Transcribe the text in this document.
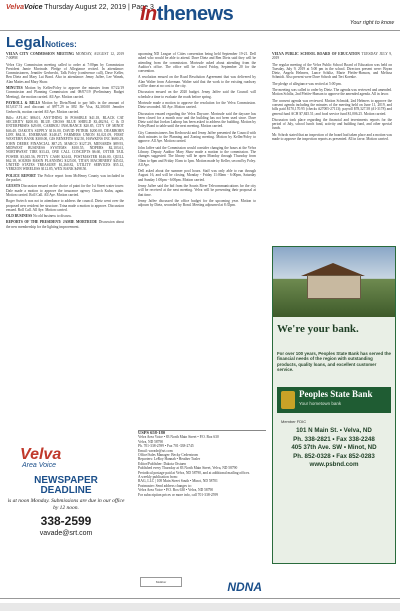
VelvaVoice Thursday August 22, 2019 | Page 3
Inthenews	Your right to know
LegalNotices:

VELVA CITY COMMISSION MEETING MONDAY, AUGUST 12, 2019 7:00PM

Velva City Commission meeting called to order at 7:00pm by Commission President Jamie Mortrude. Pledge of Allegiance recited. In attendance: Commissioners, Jennifer Gerbrecht, Talk Foley (conference call), Dave Keller, Ben Dietz and Mary Lui Bond. Also in attendance: Jenny Jaffee, Lee Wanek, Alan Mattes and Mary Shaw.

MINUTES Motion by Keller/Foley to approve the minutes from 07/22/19 Commission and Planning Commission and 08/07/19 (Preliminary Budget Meeting), the motion carried. All Aye. Motion carried.

PAYROLL & BILLS Motion by Dietz/Bond to pay bills in the amount of $15,037.74 and discount of $977.29 in MU Bv Visa, $2,300.00 Jennifer Gerbrecht, motion carried All Aye. Motion carried.

Bills: AFLAC $86.01, ANYTHING IS POSSIBLE $41.18, BLACK CAT SECURITY $200.00, BLUE CROSS BLUE SHIELD $3,482.94, C & D ENTERPRISES $29.08, CARIBOU INSURANCE $20.85, CITY OF MINOT $46.40, DAKOTA SUPPLY $116.00, DAVID PETRIK $200.00, DEARBORN LIFE $84.31, ENERBASE $148.47, FARMERS UNION $1,021.09, FIRST WESTERN BANK $300.00, GIS BENEFITS $32.50, HAWKINS INC $680.29, JOHN DEERE FINANCIAL $87.25, MARCO $127.29, MENARDS $89.93, MIDWEST BUSINESS SYSTEMS $100.55, NDPERS $2,103.61, NORTHWEST TIRE $33.43, ONE CALL CONCEPTS $6.60, OTTER TAIL POWER $3,045.56, PETTY CASH $24.63, POSTMASTER $146.00, QUILL $62.18, SOURIS BASIN PLANNING $125.00, TITAN MACHINERY $45.02, UNITED STATES TREASURY $1,260.82, UTILITY SERVICES $55.12, VERIZON WIRELESS $112.85, WEX BANK $498.50.

POLICE REPORT The Police report from McHenry County was included in the packet.

GUESTS Discussion ensued on the choice of paint for the 1st Street water tower. Dale made a motion to approve the insurance agency Church Kuhn, again. Motion carried. Roll Call. All Aye. Motion carried.

Roger Swiech was not in attendance to address the council. Dietz went over the proposed new resident fee structure. Trina made a motion to approve. Discussion ensued. Roll Call. All Aye. Motion carried.

OLD BUSINESS No old business to discuss.

REPORTS OF THE PRESIDENT: JAMIE MORTRUDE Discussion about the new membership for the lighting improvement.

upcoming ND League of Cities convention being held September 19-21. Dell asked who would be able to attend. Dave Dietz and Ben Dietz said they will be attending from the commission. Mortrude asked about attending from the Auditor's office. The office will be closed Friday, September 20 for the convention.

A resolution ensued on the Road Resolution Agreement that was delivered by Alan Walter from Ackerman. Walter said that the work to the existing roadway will be done at no cost to the city.

Discussion ensued on the 2020 budget. Jenny Jaffee said the Council will schedule a time to evaluate the roads before spring.

Mortrude made a motion to approve the resolution for the Velva Commission. Dietz seconded. All Aye. Motion carried.

Discussion ensued regarding the Velva Daycare. Mortrude said the daycare has been closed for a month now and the building has not been used since. Dave Dietz said that Jordan Lathrop has been asked to address the building. Motion by Foley/Bond to table until the next meeting. Motion carried.

City Commissioners Jim Kedrowski and Jenny Jaffee presented the Council with draft minutes to the Planning and Zoning meeting. Motion by Keller/Foley to approve. All Aye. Motion carried.

John Jaffee said the Commission would consider changing the hours at the Velva Library. Deputy Auditor Mary Shaw made a motion to the commission. The changes suggested: The library will be open Monday through Thursday from 10am to 6pm and Friday 10am to 1pm. Motion made by Keller, second by Foley. All Aye.

Dell asked about the summer pool hours. Staff was only able to run through August 16, and will be closing. Monday - Friday 11:00am - 6:00pm, Saturday and Sunday 1:00pm - 6:00pm. Motion carried.

Jenny Jaffee said the bid from the Souris River Telecommunications for the city will be received at the next meeting. Velva will be presenting their proposal at that time.

Jenny Jaffee discussed the office budget for the upcoming year. Motion to adjourn by Dietz, seconded by Bond. Meeting adjourned at 8:35pm.

VELVA PUBLIC SCHOOL BOARD OF EDUCATION TUESDAY JULY 9, 2019

The regular meeting of the Velva Public School Board of Education was held on Tuesday, July 9, 2019 at 5:00 pm in the school. Directors present were: Bryan Dietz, Angela Helmers, Lance Schiltz, Marie Pfeifer-Hanson, and Melissa Schmidt. Also present were Dave Schroh and Teri Koenke.

The pledge of allegiance was recited at 5:00 pm.

The meeting was called to order by Dietz. The agenda was reviewed and amended. Motion Schiltz, 2nd Pfeifer-Hanson to approve the amended agenda. All in favor.

The consent agenda was reviewed. Motion Schmidt, 2nd Helmers to approve the consent agenda including the minutes of the meeting held on June 11, 2019, and bills paid $170,170.95 (checks #27005-27113); payroll $78,327.58 (#1-3178) and general fund ACH $7,845.51; and food service fund $1,006.25. Motion carried.

Discussion took place regarding the financial and investments reports for the period of July, school lunch fund, activity and building fund, and other special funds.

Mr. Schroh stated that an inspection of the board had taken place and a motion was made to approve the inspection reports as presented. All in favor. Motion carried.

We're your bank.
For over 100 years, Peoples State Bank has served the financial needs of the region with outstanding products, quality loans, and excellent customer service.
Peoples State Bank
Your hometown bank
Member FDIC
101 N Main St. • Velva, ND
Ph. 338-2821 • Fax 338-2248
405 37th Ave. SW • Minot, ND
Ph. 852-0328 • Fax 852-0283
www.psbnd.com
Velva
Area Voice
NEWSPAPER
DEADLINE
is at noon Monday. Submissions are due in our office by 12 noon.
338-2599
vavade@srt.com
USPS 658-180
Velva Area Voice • 83 North Main Street • P.O. Box 630
Velva, ND 58790
Ph. 701-338-2599 • Fax 701-338-2745
Email: vavade@srt.com
Office/Sales Manager: Becky Cederstrom
Reporters: LeRoy Hannah • Heather Tusler
Editor/Publisher: Dakota Oistuen
Published every Thursday at 83 North Main Street, Velva, ND 58790
Periodical postage paid at Velva, ND 58790, and at additional mailing offices.
A weekly publication from:
RAG, LLC | 108 Main Street South • Minot, ND 58701
Postmaster: Send address changes to:
Velva Area Voice • P.O. Box 630 • Velva, ND 58790
For subscription prices or more info, call 701-338-2599
Member	NDNA
